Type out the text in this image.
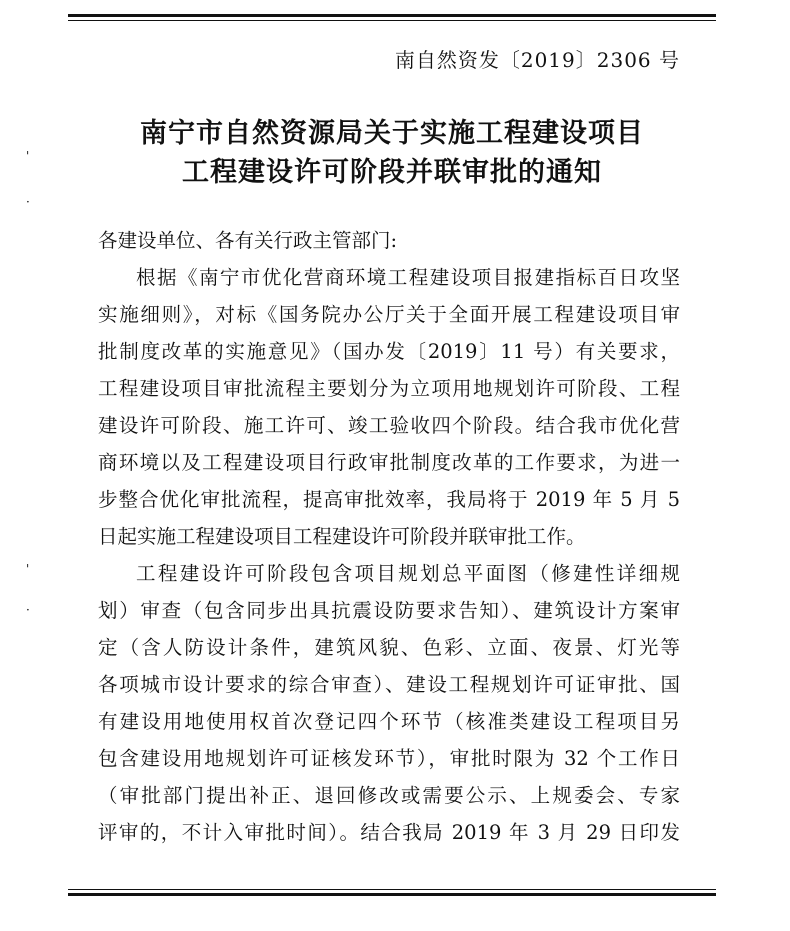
南自然资发〔2019〕2306 号
南宁市自然资源局关于实施工程建设项目
工程建设许可阶段并联审批的通知
'
·
'
·
各建设单位、各有关行政主管部门:
根据《南宁市优化营商环境工程建设项目报建指标百日攻坚
实施细则》，对标《国务院办公厅关于全面开展工程建设项目审
批制度改革的实施意见》（国办发〔2019〕11 号）有关要求，
工程建设项目审批流程主要划分为立项用地规划许可阶段、工程
建设许可阶段、施工许可、竣工验收四个阶段。结合我市优化营
商环境以及工程建设项目行政审批制度改革的工作要求，为进一
步整合优化审批流程，提高审批效率，我局将于 2019 年 5 月 5
日起实施工程建设项目工程建设许可阶段并联审批工作。
工程建设许可阶段包含项目规划总平面图（修建性详细规
划）审查（包含同步出具抗震设防要求告知）、建筑设计方案审
定（含人防设计条件，建筑风貌、色彩、立面、夜景、灯光等
各项城市设计要求的综合审查）、建设工程规划许可证审批、国
有建设用地使用权首次登记四个环节（核准类建设工程项目另
包含建设用地规划许可证核发环节），审批时限为 32 个工作日
（审批部门提出补正、退回修改或需要公示、上规委会、专家
评审的，不计入审批时间）。结合我局 2019 年 3 月 29 日印发
